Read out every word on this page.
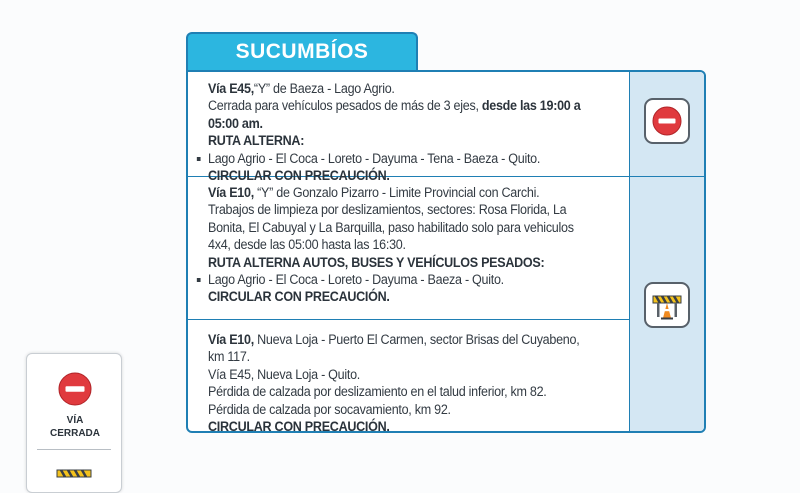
SUCUMBÍOS

Vía E45,“Y” de Baeza - Lago Agrio.

Cerrada para vehículos pesados de más de 3 ejes, desde las 19:00 a 05:00 am.

RUTA ALTERNA:

Lago Agrio - El Coca - Loreto - Dayuma - Tena - Baeza - Quito.

CIRCULAR CON PRECAUCIÓN.

Vía E10, “Y” de Gonzalo Pizarro - Limite Provincial con Carchi.

Trabajos de limpieza por deslizamientos, sectores: Rosa Florida, La Bonita, El Cabuyal y La Barquilla, paso habilitado solo para vehiculos 4x4, desde las 05:00 hasta las 16:30.

RUTA ALTERNA AUTOS, BUSES Y VEHÍCULOS PESADOS:

Lago Agrio - El Coca - Loreto - Dayuma - Baeza - Quito.

CIRCULAR CON PRECAUCIÓN.

Vía E10, Nueva Loja - Puerto El Carmen, sector Brisas del Cuyabeno, km 117.

Vía E45, Nueva Loja - Quito.

Pérdida de calzada por deslizamiento en el talud inferior, km 82.

Pérdida de calzada por socavamiento, km 92.

CIRCULAR CON PRECAUCIÓN.

VÍA CERRADA
